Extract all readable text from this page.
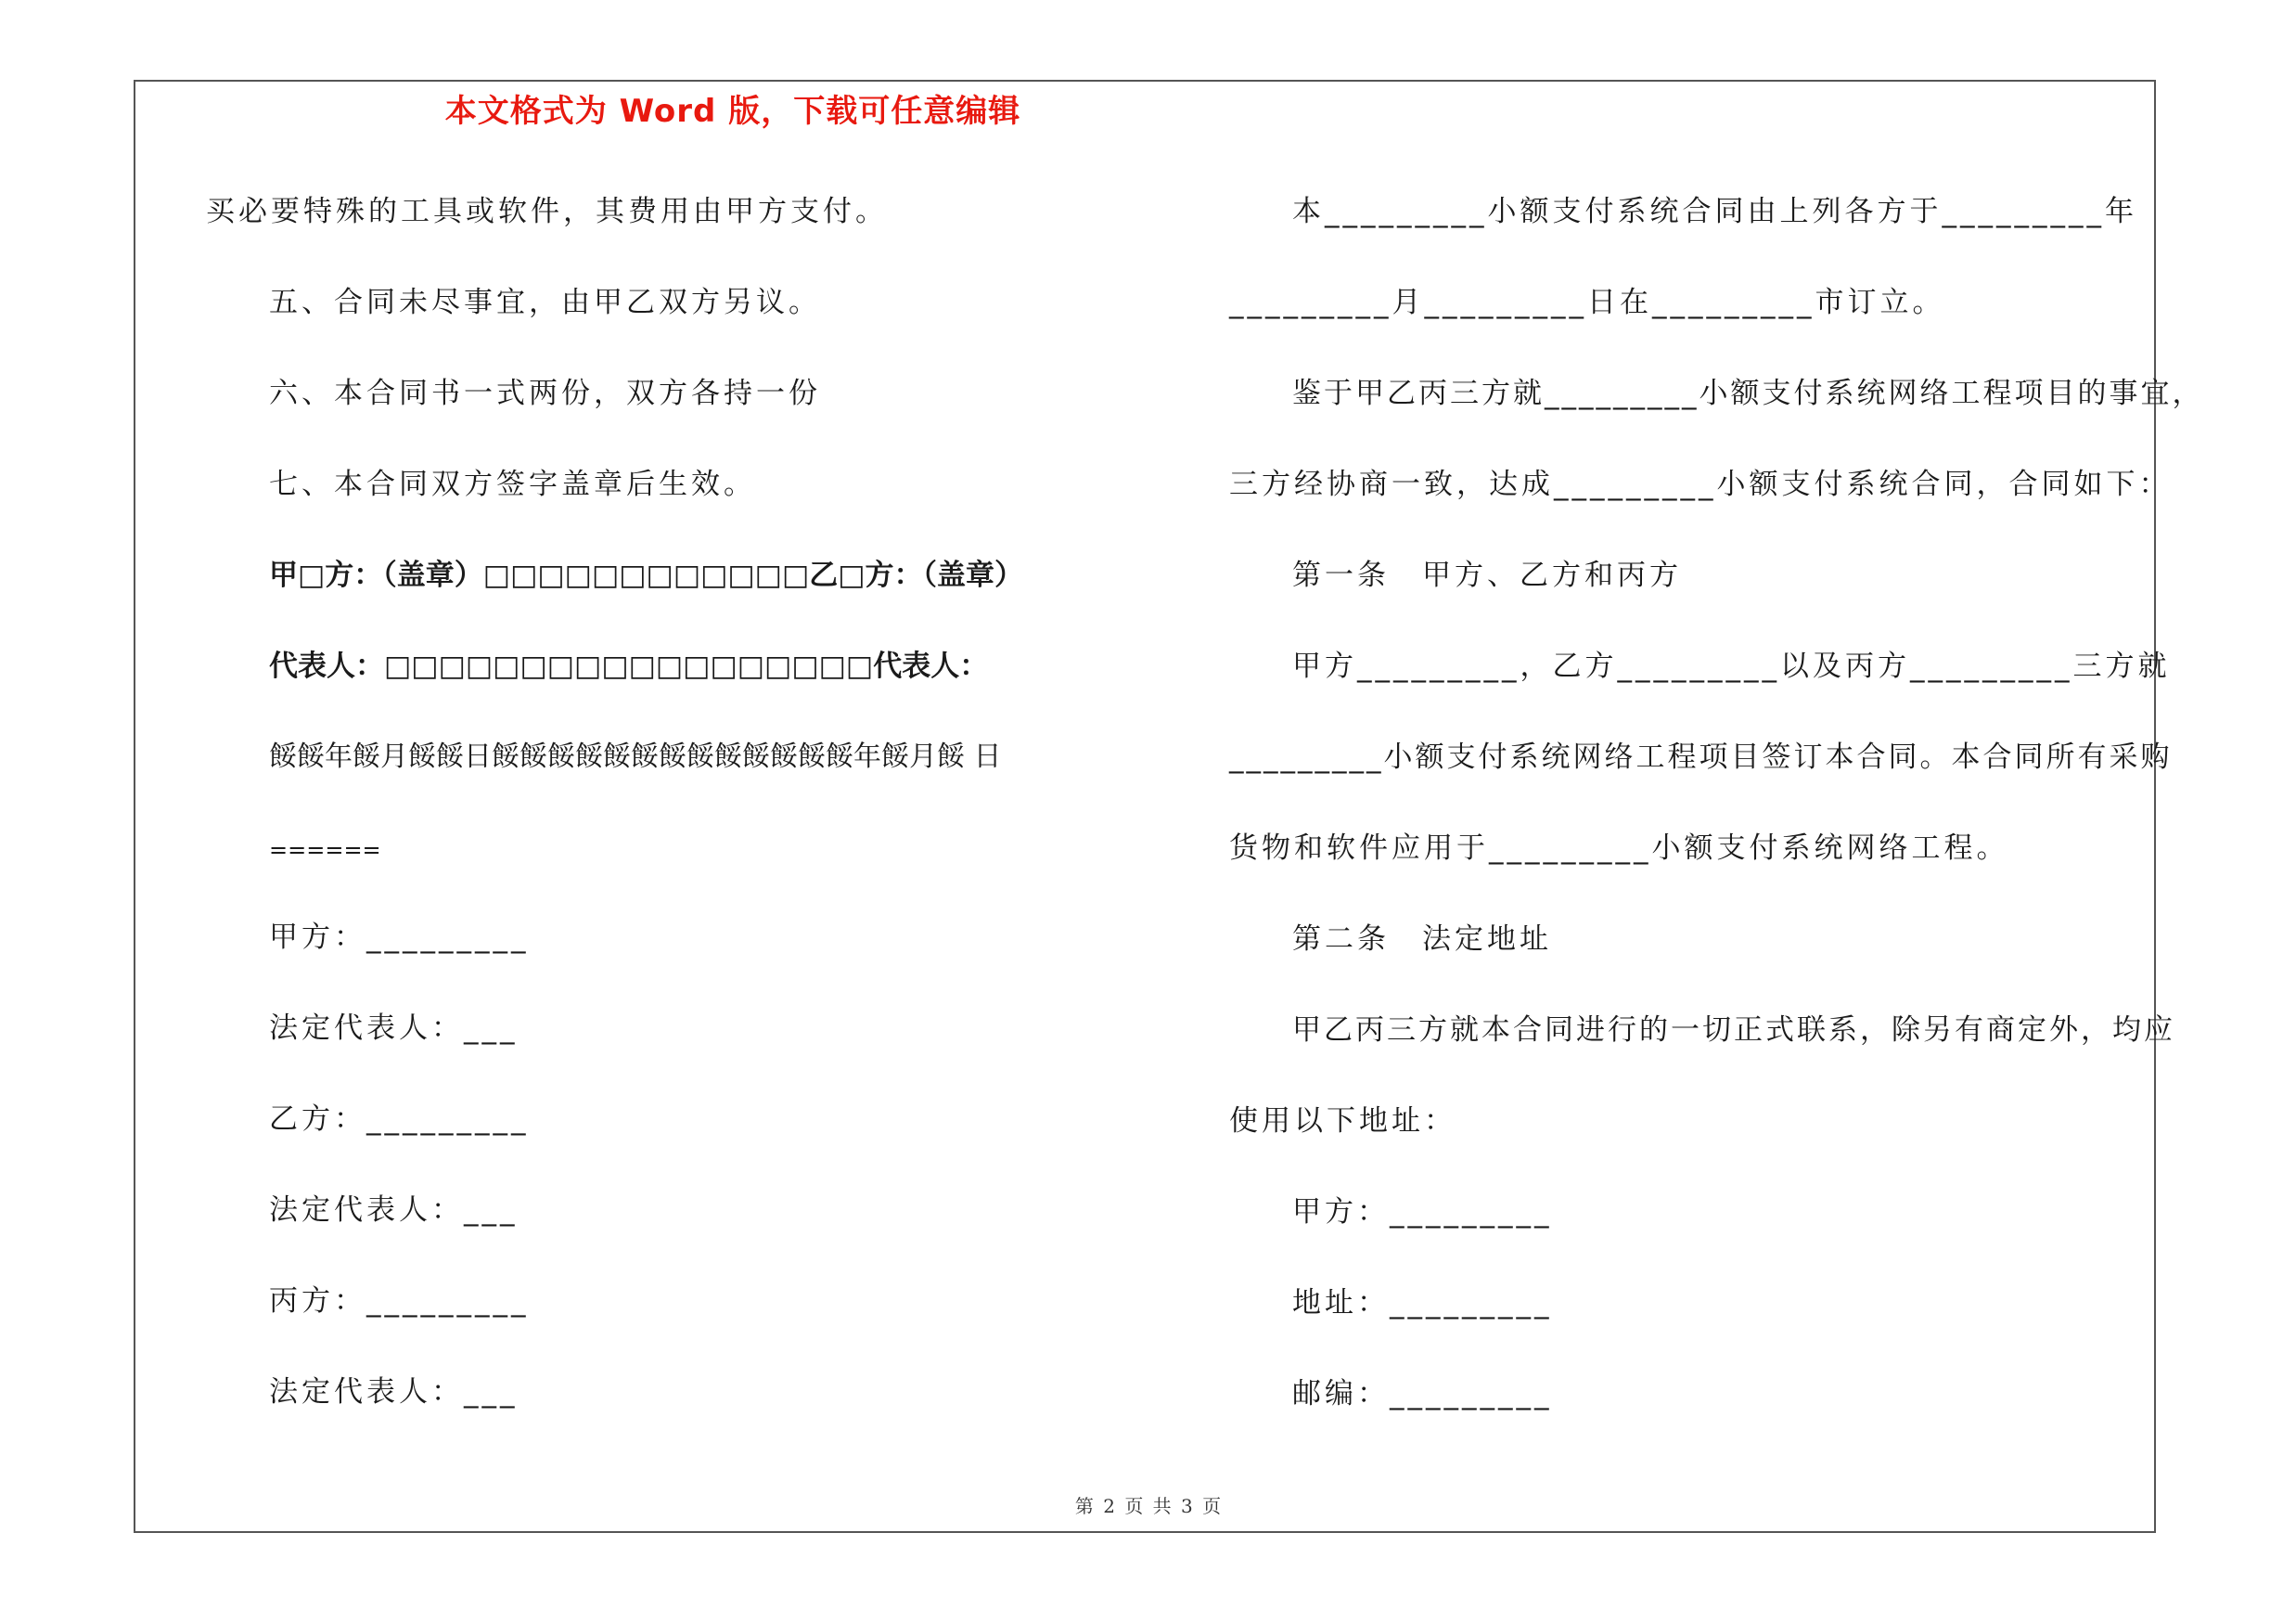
本文格式为 Word 版，下载可任意编辑
买必要特殊的工具或软件，其费用由甲方支付。
五、合同未尽事宜，由甲乙双方另议。
六、本合同书一式两份，双方各持一份
七、本合同双方签字盖章后生效。
甲□方：（盖章）□□□□□□□□□□□□乙□方：（盖章）
代表人：□□□□□□□□□□□□□□□□□□代表人：
餒餒年餒月餒餒日餒餒餒餒餒餒餒餒餒餒餒餒餒年餒月餒 日
======
甲方：_________
法定代表人：___
乙方：_________
法定代表人：___
丙方：_________
法定代表人：___
本_________小额支付系统合同由上列各方于_________年
_________月_________日在_________市订立。
鉴于甲乙丙三方就_________小额支付系统网络工程项目的事宜，
三方经协商一致，达成_________小额支付系统合同，合同如下：
第一条　甲方、乙方和丙方
甲方_________，乙方_________以及丙方_________三方就
_________小额支付系统网络工程项目签订本合同。本合同所有采购
货物和软件应用于_________小额支付系统网络工程。
第二条　法定地址
甲乙丙三方就本合同进行的一切正式联系，除另有商定外，均应
使用以下地址：
甲方：_________
地址：_________
邮编：_________
第 2 页 共 3 页
